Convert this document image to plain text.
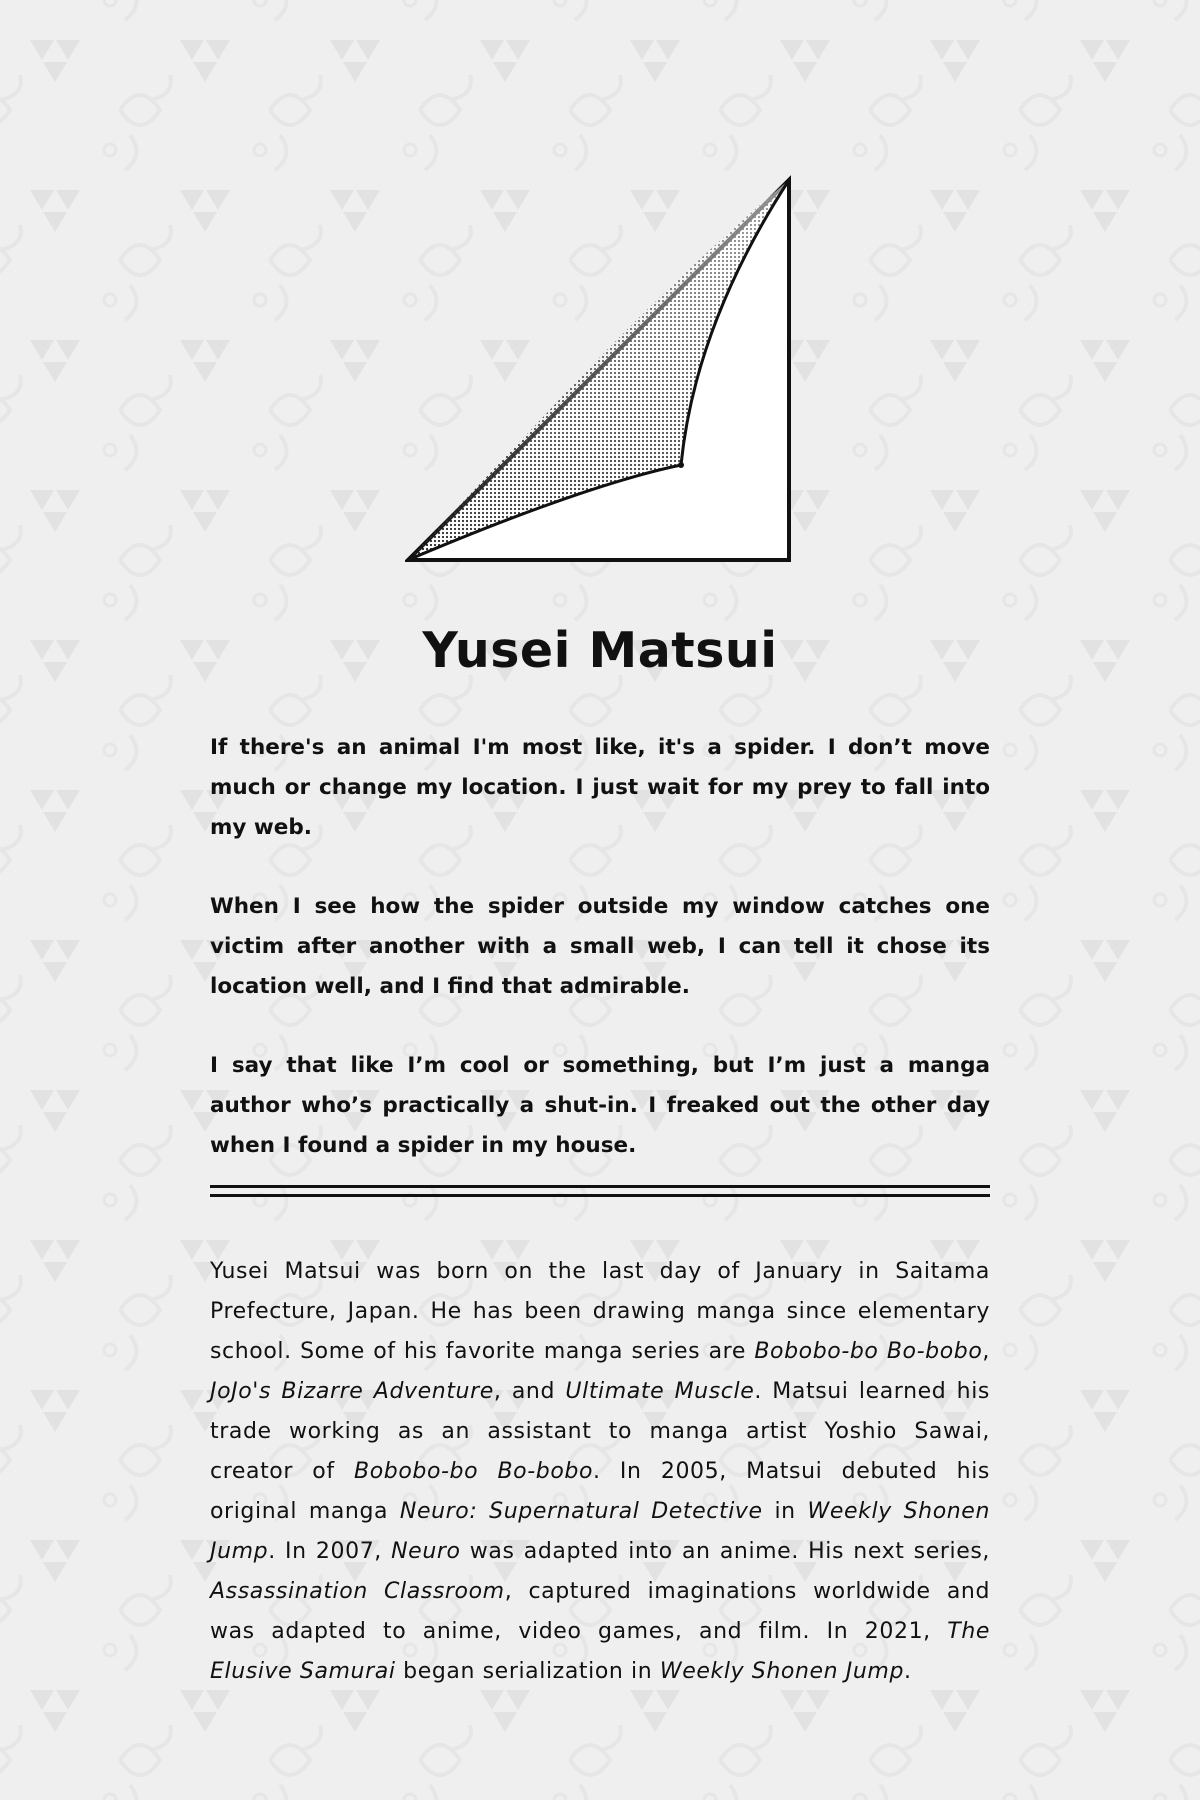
Yusei Matsui

If there's an animal I'm most like, it's a spider. I don’t move much or change my location. I just wait for my prey to fall into my web.

When I see how the spider outside my window catches one victim after another with a small web, I can tell it chose its location well, and I find that admirable.

I say that like I’m cool or something, but I’m just a manga author who’s practically a shut-in. I freaked out the other day when I found a spider in my house.

Yusei Matsui was born on the last day of January in Saitama Prefecture, Japan. He has been drawing manga since elementary school. Some of his favorite manga series are Bobobo-bo Bo-bobo, JoJo's Bizarre Adventure, and Ultimate Muscle. Matsui learned his trade working as an assistant to manga artist Yoshio Sawai, creator of Bobobo-bo Bo-bobo. In 2005, Matsui debuted his original manga Neuro: Supernatural Detective in Weekly Shonen Jump. In 2007, Neuro was adapted into an anime. His next series, Assassination Classroom, captured imaginations worldwide and was adapted to anime, video games, and film. In 2021, The Elusive Samurai began serialization in Weekly Shonen Jump.
